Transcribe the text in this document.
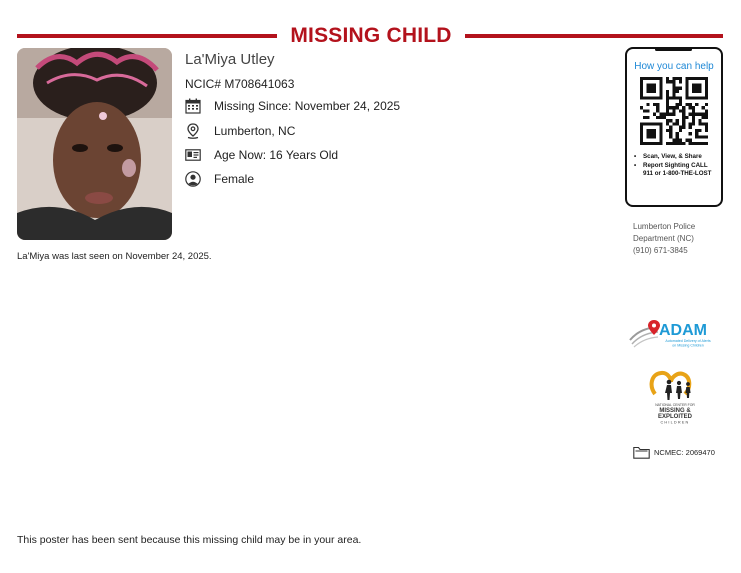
MISSING CHILD
La'Miya Utley
NCIC# M708641063
Missing Since: November 24, 2025
Lumberton, NC
Age Now: 16 Years Old
Female
La'Miya was last seen on November 24, 2025.
How you can help
• Scan, View, & Share
• Report Sighting CALL 911 or 1-800-THE-LOST
Lumberton Police
Department (NC)
(910) 671-3845
ADAM
Automated Delivery of Alerts
on Missing Children
NATIONAL CENTER FOR
MISSING &
EXPLOITED
CHILDREN
NCMEC: 2069470
This poster has been sent because this missing child may be in your area.
